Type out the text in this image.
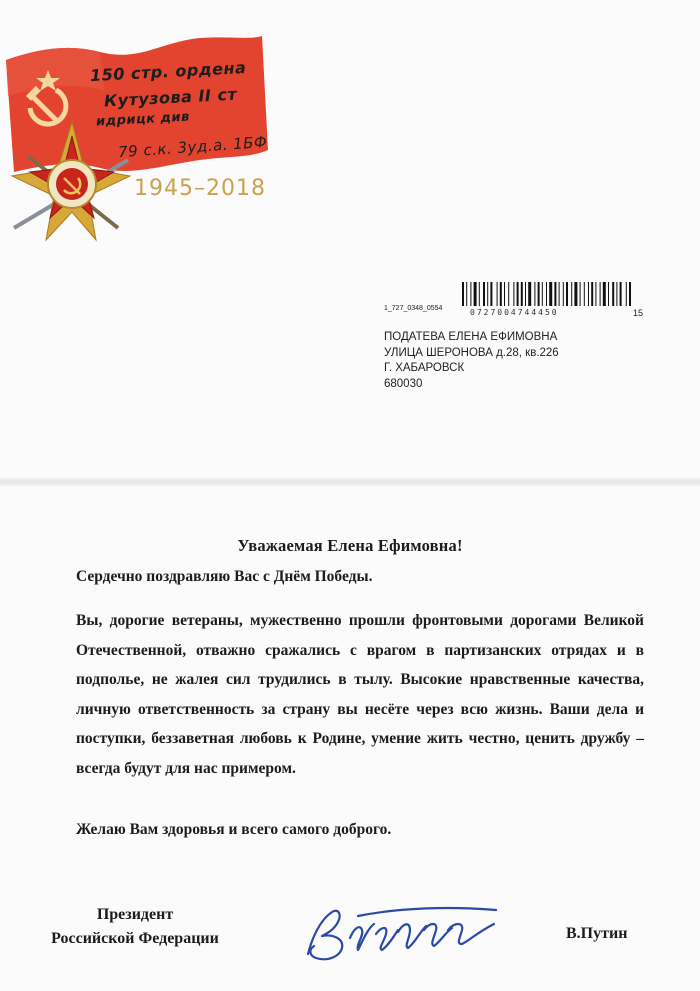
150 стр. ордена
Кутузова II ст
идрицк див
79 с.к. 3уд.а. 1БФ
1945–2018
1_727_0348_0554	0727004744450	15
ПОДАТЕВА ЕЛЕНА ЕФИМОВНА
УЛИЦА ШЕРОНОВА д.28, кв.226
Г. ХАБАРОВСК
680030
Уважаемая Елена Ефимовна!
Сердечно поздравляю Вас с Днём Победы.
Вы, дорогие ветераны, мужественно прошли фронтовыми дорогами Великой Отечественной, отважно сражались с врагом в партизанских отрядах и в подполье, не жалея сил трудились в тылу. Высокие нравственные качества, личную ответственность за страну вы несёте через всю жизнь. Ваши дела и поступки, беззаветная любовь к Родине, умение жить честно, ценить дружбу – всегда будут для нас примером.
Желаю Вам здоровья и всего самого доброго.
Президент
Российской Федерации	В.Путин
